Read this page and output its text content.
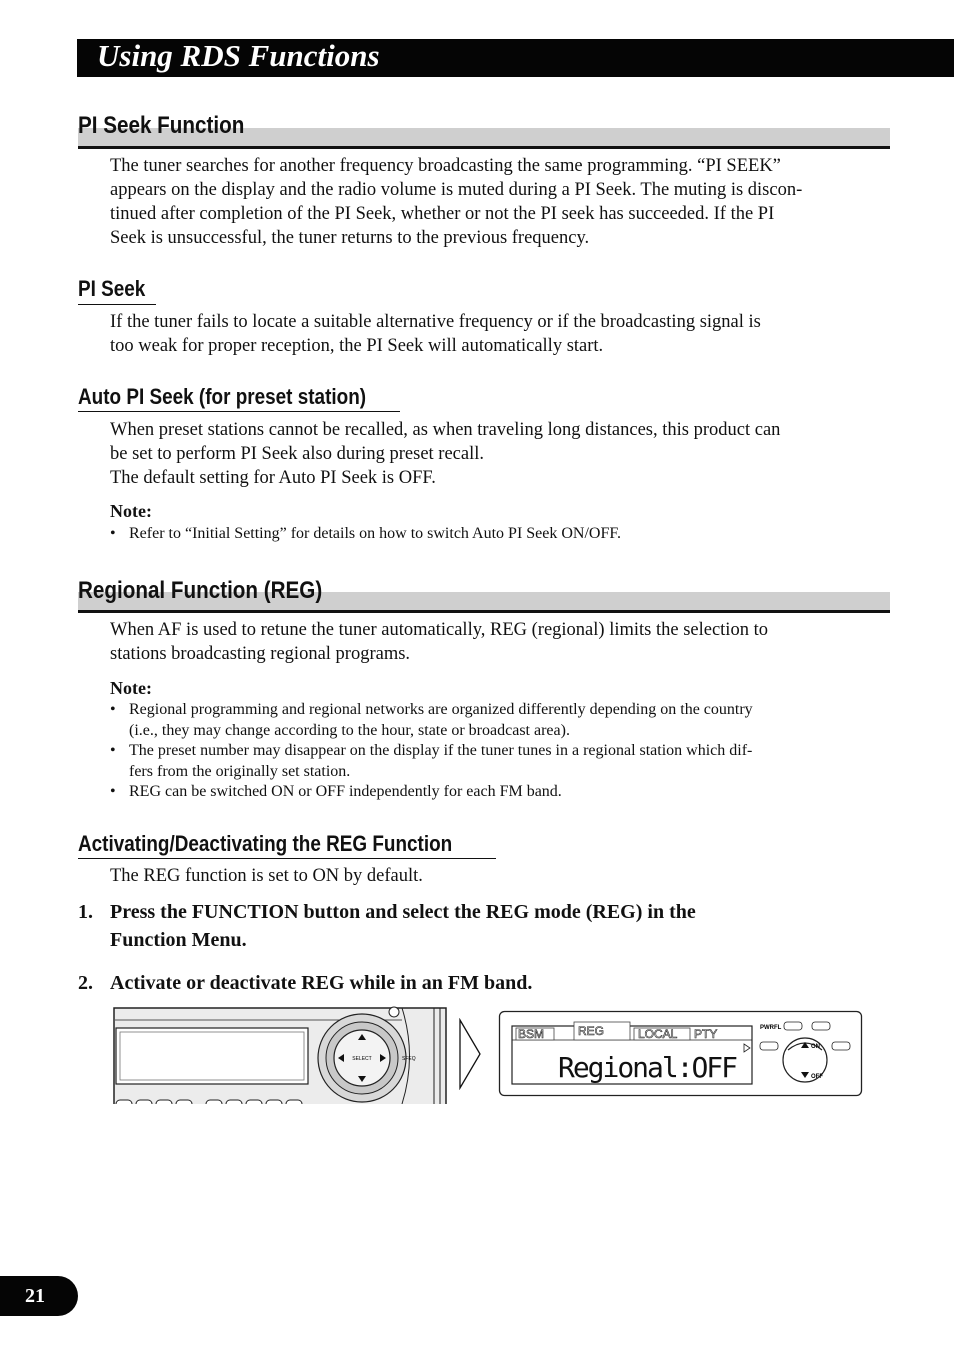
Using RDS Functions
PI Seek Function
The tuner searches for another frequency broadcasting the same programming. “PI SEEK”
appears on the display and the radio volume is muted during a PI Seek. The muting is discon-
tinued after completion of the PI Seek, whether or not the PI seek has succeeded. If the PI
Seek is unsuccessful, the tuner returns to the previous frequency.
PI Seek
If the tuner fails to locate a suitable alternative frequency or if the broadcasting signal is
too weak for proper reception, the PI Seek will automatically start.
Auto PI Seek (for preset station)
When preset stations cannot be recalled, as when traveling long distances, this product can
be set to perform PI Seek also during preset recall.
The default setting for Auto PI Seek is OFF.
Note:
• Refer to “Initial Setting” for details on how to switch Auto PI Seek ON/OFF.
Regional Function (REG)
When AF is used to retune the tuner automatically, REG (regional) limits the selection to
stations broadcasting regional programs.
Note:
• Regional programming and regional networks are organized differently depending on the country
(i.e., they may change according to the hour, state or broadcast area).
• The preset number may disappear on the display if the tuner tunes in a regional station which dif-
fers from the originally set station.
• REG can be switched ON or OFF independently for each FM band.
Activating/Deactivating the REG Function
The REG function is set to ON by default.
1. Press the FUNCTION button and select the REG mode (REG) in the
Function Menu.
2. Activate or deactivate REG while in an FM band.
SELECT	SFEQ
BSM	REG	LOCAL PTY
Regional:OFF
PWRFL
ON
OFF
21
